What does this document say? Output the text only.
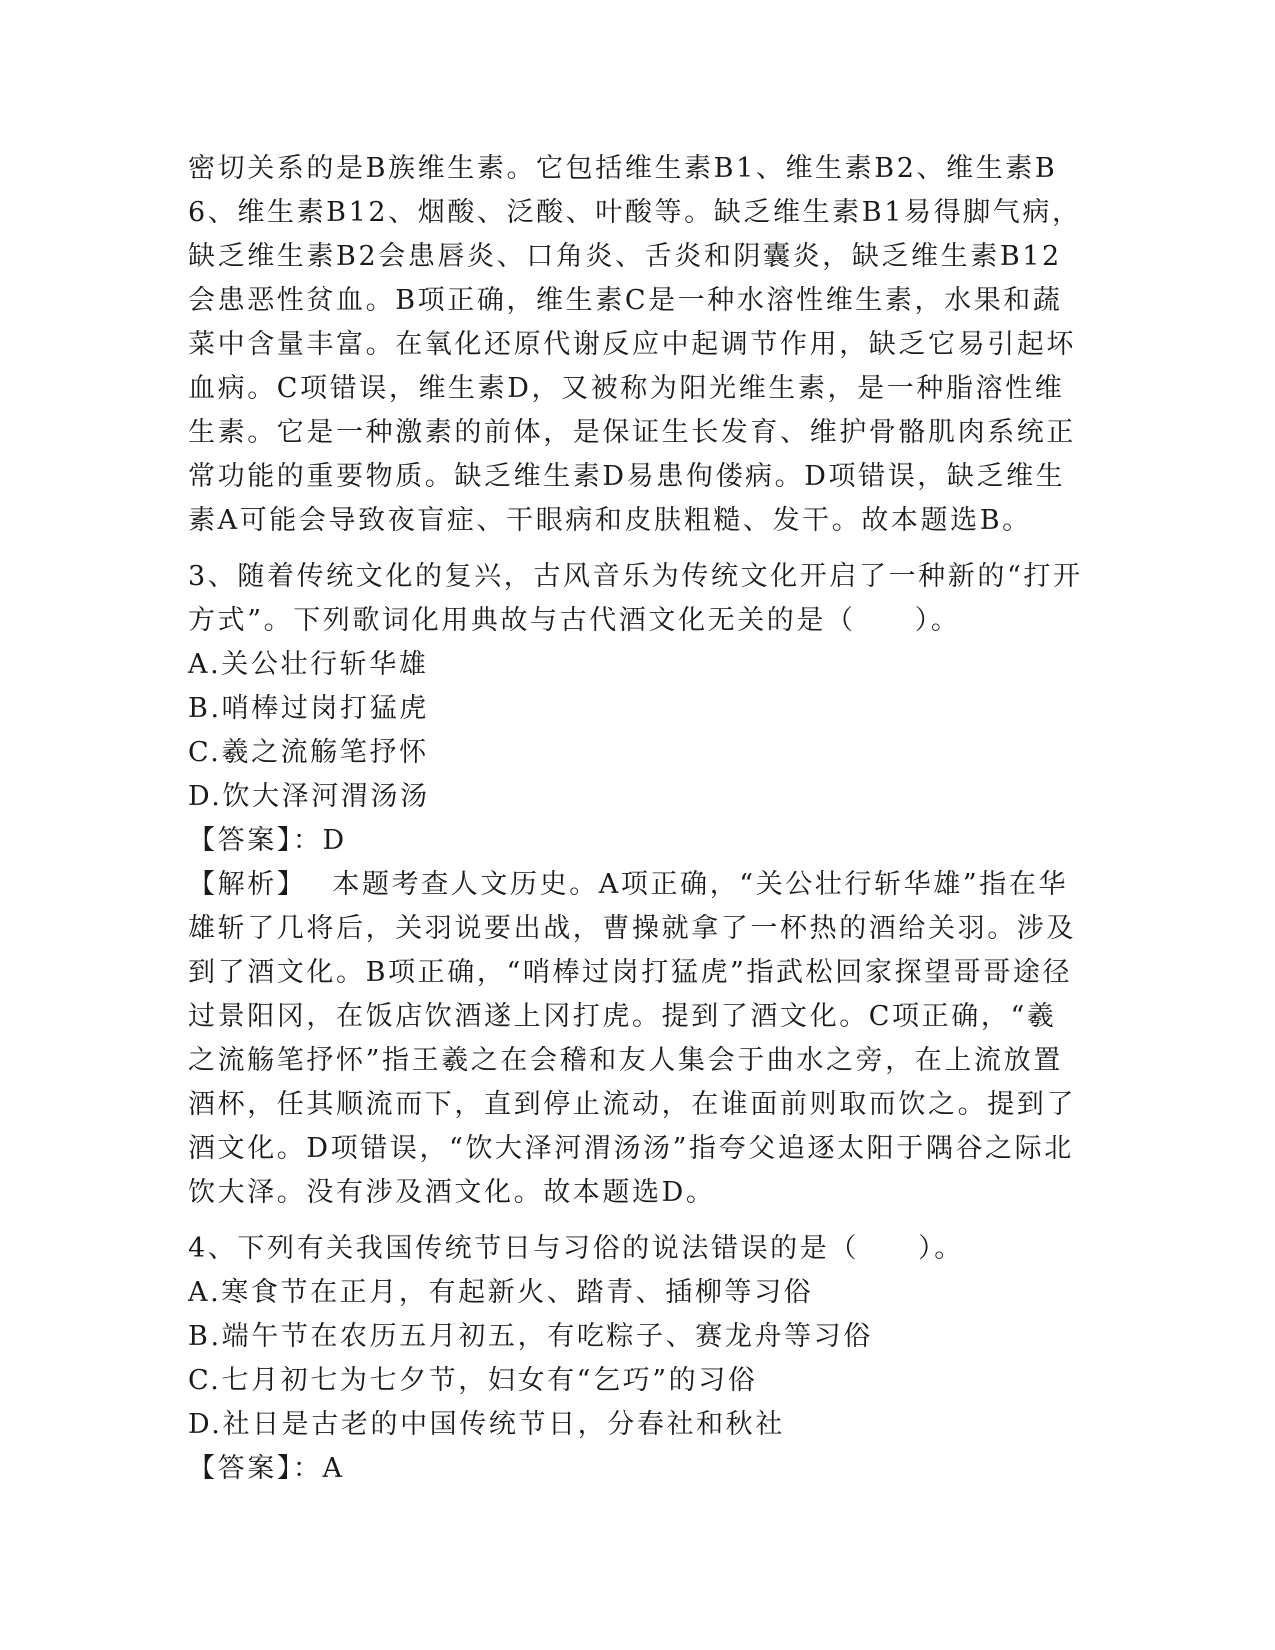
密切关系的是B族维生素。它包括维生素B1、维生素B2、维生素B6、维生素B12、烟酸、泛酸、叶酸等。缺乏维生素B1易得脚气病，缺乏维生素B2会患唇炎、口角炎、舌炎和阴囊炎，缺乏维生素B12会患恶性贫血。B项正确，维生素C是一种水溶性维生素，水果和蔬菜中含量丰富。在氧化还原代谢反应中起调节作用，缺乏它易引起坏血病。C项错误，维生素D，又被称为阳光维生素，是一种脂溶性维生素。它是一种激素的前体，是保证生长发育、维护骨骼肌肉系统正常功能的重要物质。缺乏维生素D易患佝偻病。D项错误，缺乏维生素A可能会导致夜盲症、干眼病和皮肤粗糙、发干。故本题选B。

3、随着传统文化的复兴，古风音乐为传统文化开启了一种新的“打开方式”。下列歌词化用典故与古代酒文化无关的是（　　）。

A.关公壮行斩华雄

B.哨棒过岗打猛虎

C.羲之流觞笔抒怀

D.饮大泽河渭汤汤

【答案】：D

【解析】 本题考查人文历史。A项正确，“关公壮行斩华雄”指在华雄斩了几将后，关羽说要出战，曹操就拿了一杯热的酒给关羽。涉及到了酒文化。B项正确，“哨棒过岗打猛虎”指武松回家探望哥哥途径过景阳冈，在饭店饮酒遂上冈打虎。提到了酒文化。C项正确，“羲之流觞笔抒怀”指王羲之在会稽和友人集会于曲水之旁，在上流放置酒杯，任其顺流而下，直到停止流动，在谁面前则取而饮之。提到了酒文化。D项错误，“饮大泽河渭汤汤”指夸父追逐太阳于隅谷之际北饮大泽。没有涉及酒文化。故本题选D。

4、下列有关我国传统节日与习俗的说法错误的是（　　）。

A.寒食节在正月，有起新火、踏青、插柳等习俗

B.端午节在农历五月初五，有吃粽子、赛龙舟等习俗

C.七月初七为七夕节，妇女有“乞巧”的习俗

D.社日是古老的中国传统节日，分春社和秋社

【答案】：A
